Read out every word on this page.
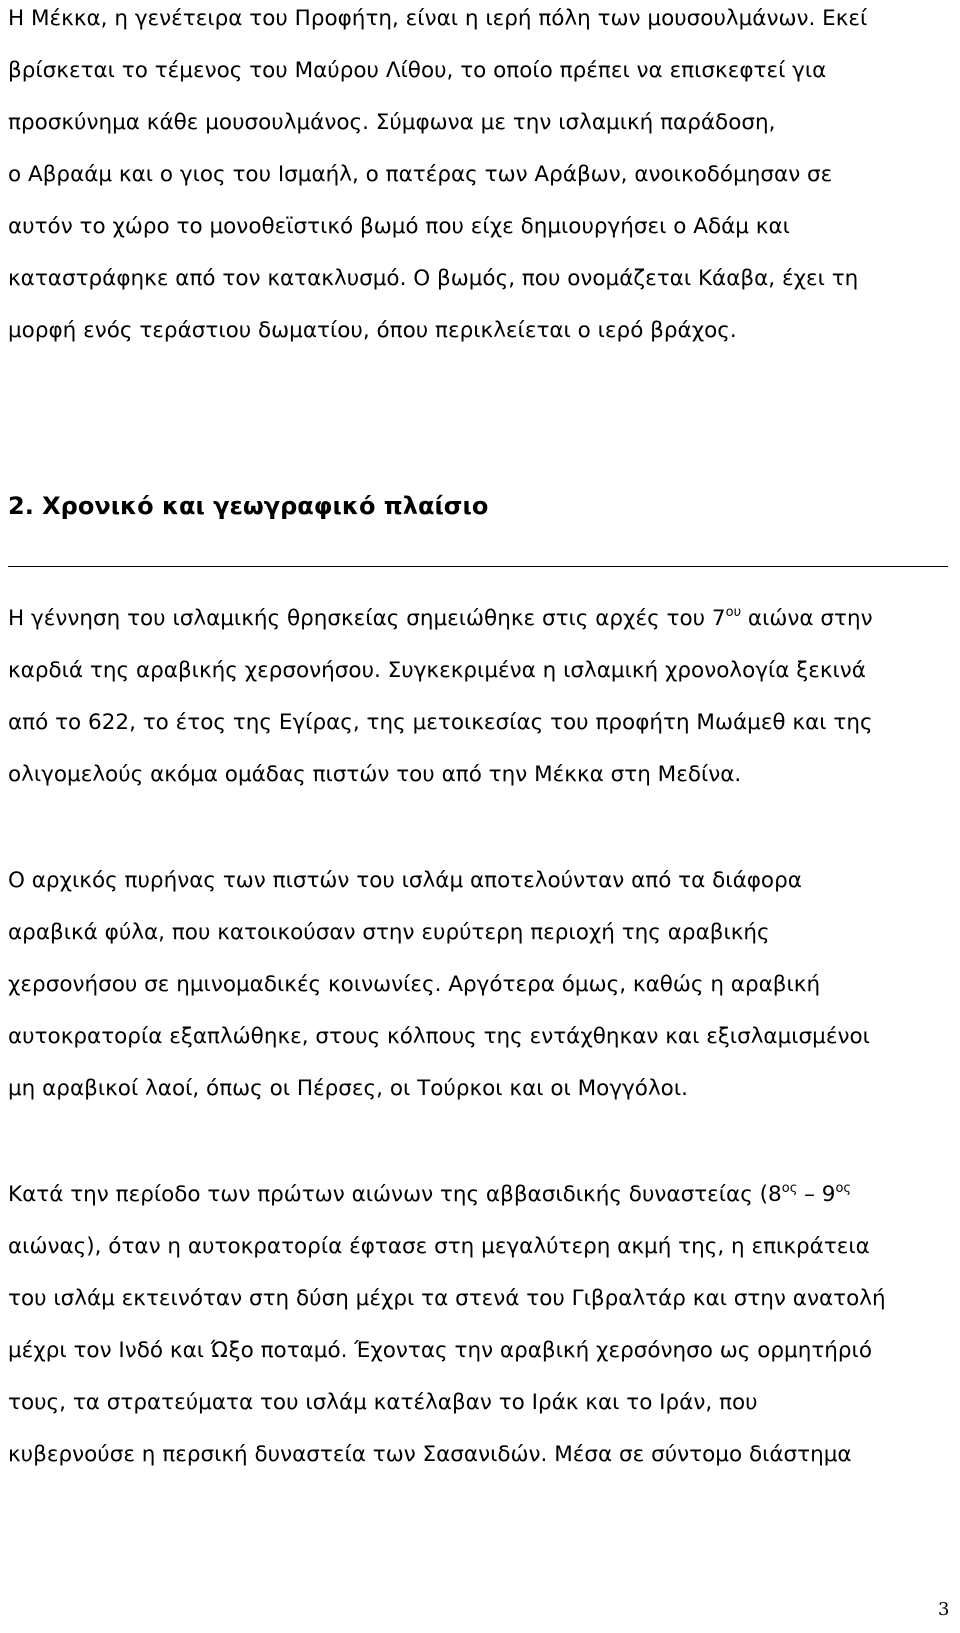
Η Μέκκα, η γενέτειρα του Προφήτη, είναι η ιερή πόλη των μουσουλμάνων. Εκεί
βρίσκεται το τέμενος του Μαύρου Λίθου, το οποίο πρέπει να επισκεφτεί για
προσκύνημα κάθε μουσουλμάνος. Σύμφωνα με την ισλαμική παράδοση,
ο Αβραάμ και ο γιος του Ισμαήλ, ο πατέρας των Αράβων, ανοικοδόμησαν σε
αυτόν το χώρο το μονοθεϊστικό βωμό που είχε δημιουργήσει ο Αδάμ και
καταστράφηκε από τον κατακλυσμό. Ο βωμός, που ονομάζεται Κάαβα, έχει τη
μορφή ενός τεράστιου δωματίου, όπου περικλείεται ο ιερό βράχος.
2. Χρονικό και γεωγραφικό πλαίσιο
Η γέννηση του ισλαμικής θρησκείας σημειώθηκε στις αρχές του $7^{o\upsilon}$ αιώνα στην
καρδιά της αραβικής χερσονήσου. Συγκεκριμένα η ισλαμική χρονολογία ξεκινά
από το 622, το έτος της Εγίρας, της μετοικεσίας του προφήτη Μωάμεθ και της
ολιγομελούς ακόμα ομάδας πιστών του από την Μέκκα στη Μεδίνα.
Ο αρχικός πυρήνας των πιστών του ισλάμ αποτελούνταν από τα διάφορα
αραβικά φύλα, που κατοικούσαν στην ευρύτερη περιοχή της αραβικής
χερσονήσου σε ημινομαδικές κοινωνίες. Αργότερα όμως, καθώς η αραβική
αυτοκρατορία εξαπλώθηκε, στους κόλπους της εντάχθηκαν και εξισλαμισμένοι
μη αραβικοί λαοί, όπως οι Πέρσες, οι Τούρκοι και οι Μογγόλοι.
Κατά την περίοδο των πρώτων αιώνων της αββασιδικής δυναστείας ($8^{o\varsigma} - 9^{o\varsigma}$
αιώνας), όταν η αυτοκρατορία έφτασε στη μεγαλύτερη ακμή της, η επικράτεια
του ισλάμ εκτεινόταν στη δύση μέχρι τα στενά του Γιβραλτάρ και στην ανατολή
μέχρι τον Ινδό και Ώξο ποταμό. Έχοντας την αραβική χερσόνησο ως ορμητήριό
τους, τα στρατεύματα του ισλάμ κατέλαβαν το Ιράκ και το Ιράν, που
κυβερνούσε η περσική δυναστεία των Σασανιδών. Μέσα σε σύντομο διάστημα
3
